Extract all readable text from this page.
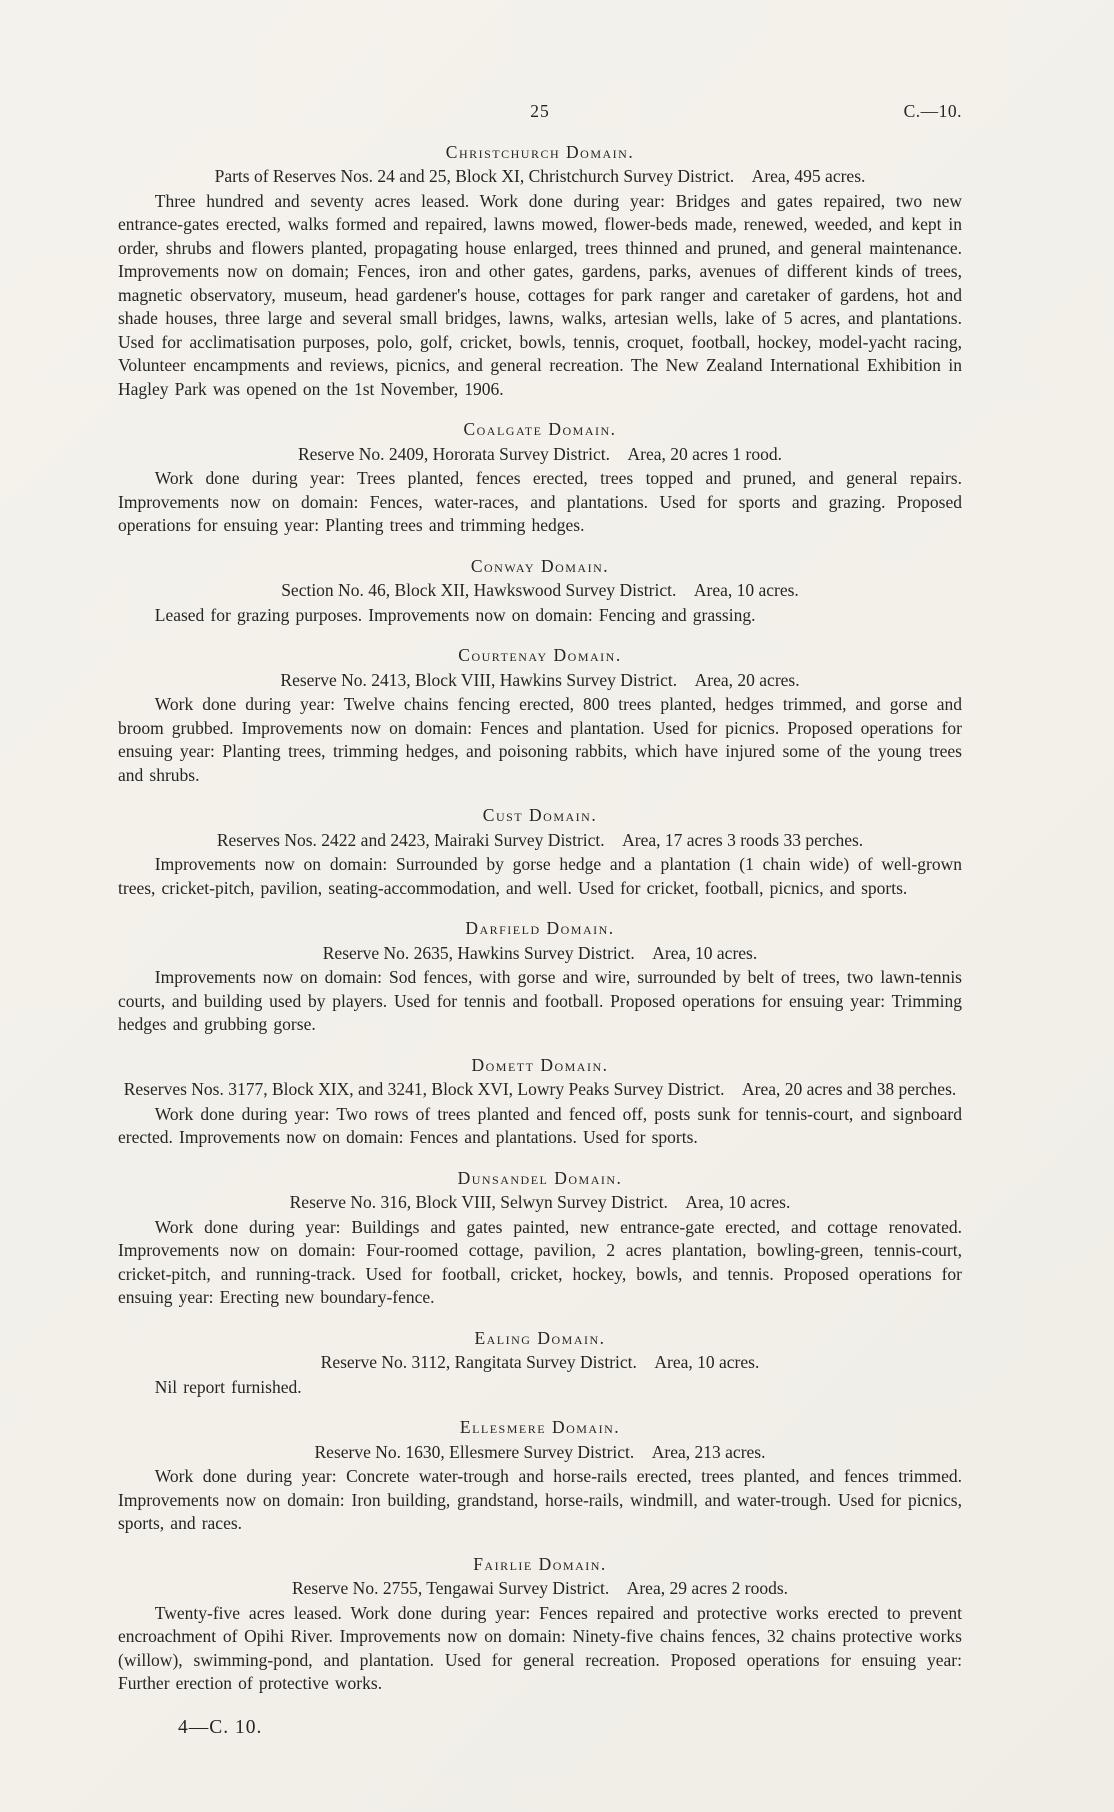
25	C.—10.
Christchurch Domain.

Parts of Reserves Nos. 24 and 25, Block XI, Christchurch Survey District. Area, 495 acres.

Three hundred and seventy acres leased. Work done during year: Bridges and gates repaired, two new entrance-gates erected, walks formed and repaired, lawns mowed, flower-beds made, renewed, weeded, and kept in order, shrubs and flowers planted, propagating house enlarged, trees thinned and pruned, and general maintenance. Improvements now on domain; Fences, iron and other gates, gardens, parks, avenues of different kinds of trees, magnetic observatory, museum, head gardener's house, cottages for park ranger and caretaker of gardens, hot and shade houses, three large and several small bridges, lawns, walks, artesian wells, lake of 5 acres, and plantations. Used for acclimatisation purposes, polo, golf, cricket, bowls, tennis, croquet, football, hockey, model-yacht racing, Volunteer encampments and reviews, picnics, and general recreation. The New Zealand International Exhibition in Hagley Park was opened on the 1st November, 1906.

Coalgate Domain.

Reserve No. 2409, Hororata Survey District. Area, 20 acres 1 rood.

Work done during year: Trees planted, fences erected, trees topped and pruned, and general repairs. Improvements now on domain: Fences, water-races, and plantations. Used for sports and grazing. Proposed operations for ensuing year: Planting trees and trimming hedges.

Conway Domain.

Section No. 46, Block XII, Hawkswood Survey District. Area, 10 acres.

Leased for grazing purposes. Improvements now on domain: Fencing and grassing.

Courtenay Domain.

Reserve No. 2413, Block VIII, Hawkins Survey District. Area, 20 acres.

Work done during year: Twelve chains fencing erected, 800 trees planted, hedges trimmed, and gorse and broom grubbed. Improvements now on domain: Fences and plantation. Used for picnics. Proposed operations for ensuing year: Planting trees, trimming hedges, and poisoning rabbits, which have injured some of the young trees and shrubs.

Cust Domain.

Reserves Nos. 2422 and 2423, Mairaki Survey District. Area, 17 acres 3 roods 33 perches.

Improvements now on domain: Surrounded by gorse hedge and a plantation (1 chain wide) of well-grown trees, cricket-pitch, pavilion, seating-accommodation, and well. Used for cricket, football, picnics, and sports.

Darfield Domain.

Reserve No. 2635, Hawkins Survey District. Area, 10 acres.

Improvements now on domain: Sod fences, with gorse and wire, surrounded by belt of trees, two lawn-tennis courts, and building used by players. Used for tennis and football. Proposed operations for ensuing year: Trimming hedges and grubbing gorse.

Domett Domain.

Reserves Nos. 3177, Block XIX, and 3241, Block XVI, Lowry Peaks Survey District. Area, 20 acres and 38 perches.

Work done during year: Two rows of trees planted and fenced off, posts sunk for tennis-court, and signboard erected. Improvements now on domain: Fences and plantations. Used for sports.

Dunsandel Domain.

Reserve No. 316, Block VIII, Selwyn Survey District. Area, 10 acres.

Work done during year: Buildings and gates painted, new entrance-gate erected, and cottage renovated. Improvements now on domain: Four-roomed cottage, pavilion, 2 acres plantation, bowling-green, tennis-court, cricket-pitch, and running-track. Used for football, cricket, hockey, bowls, and tennis. Proposed operations for ensuing year: Erecting new boundary-fence.

Ealing Domain.

Reserve No. 3112, Rangitata Survey District. Area, 10 acres.

Nil report furnished.

Ellesmere Domain.

Reserve No. 1630, Ellesmere Survey District. Area, 213 acres.

Work done during year: Concrete water-trough and horse-rails erected, trees planted, and fences trimmed. Improvements now on domain: Iron building, grandstand, horse-rails, windmill, and water-trough. Used for picnics, sports, and races.

Fairlie Domain.

Reserve No. 2755, Tengawai Survey District. Area, 29 acres 2 roods.

Twenty-five acres leased. Work done during year: Fences repaired and protective works erected to prevent encroachment of Opihi River. Improvements now on domain: Ninety-five chains fences, 32 chains protective works (willow), swimming-pond, and plantation. Used for general recreation. Proposed operations for ensuing year: Further erection of protective works.

4—C. 10.
